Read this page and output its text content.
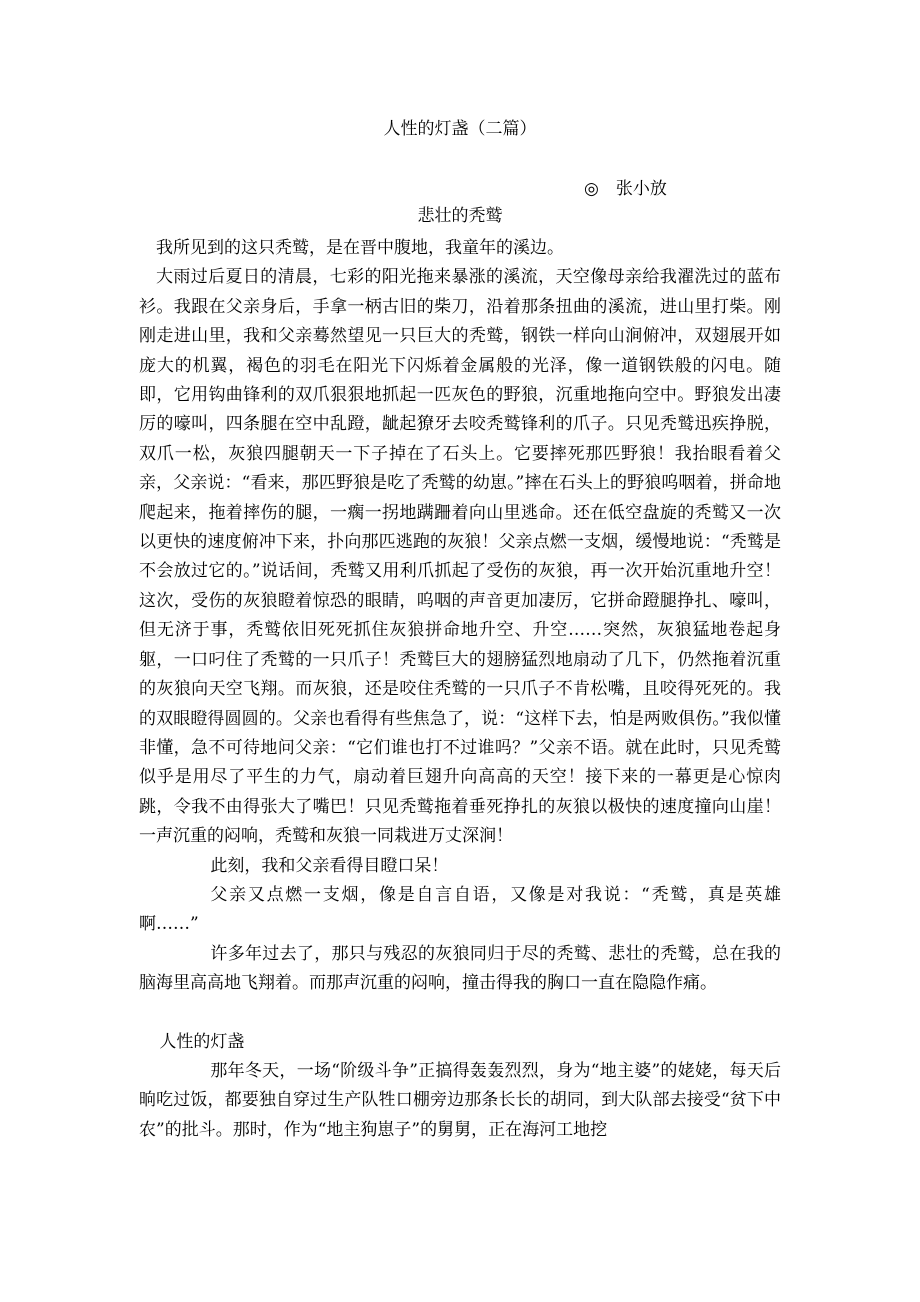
人性的灯盏（二篇）
◎　张小放
悲壮的秃鹫

我所见到的这只秃鹫，是在晋中腹地，我童年的溪边。

大雨过后夏日的清晨，七彩的阳光拖来暴涨的溪流，天空像母亲给我濯洗过的蓝布衫。我跟在父亲身后，手拿一柄古旧的柴刀，沿着那条扭曲的溪流，进山里打柴。刚刚走进山里，我和父亲蓦然望见一只巨大的秃鹫，钢铁一样向山涧俯冲，双翅展开如庞大的机翼，褐色的羽毛在阳光下闪烁着金属般的光泽，像一道钢铁般的闪电。随即，它用钩曲锋利的双爪狠狠地抓起一匹灰色的野狼，沉重地拖向空中。野狼发出凄厉的嚎叫，四条腿在空中乱蹬，龇起獠牙去咬秃鹫锋利的爪子。只见秃鹫迅疾挣脱，双爪一松，灰狼四腿朝天一下子掉在了石头上。它要摔死那匹野狼！我抬眼看着父亲，父亲说：“看来，那匹野狼是吃了秃鹫的幼崽。”摔在石头上的野狼呜咽着，拼命地爬起来，拖着摔伤的腿，一瘸一拐地蹒跚着向山里逃命。还在低空盘旋的秃鹫又一次以更快的速度俯冲下来，扑向那匹逃跑的灰狼！父亲点燃一支烟，缓慢地说：“秃鹫是不会放过它的。”说话间，秃鹫又用利爪抓起了受伤的灰狼，再一次开始沉重地升空！这次，受伤的灰狼瞪着惊恐的眼睛，呜咽的声音更加凄厉，它拼命蹬腿挣扎、嚎叫，但无济于事，秃鹫依旧死死抓住灰狼拼命地升空、升空……突然，灰狼猛地卷起身躯，一口叼住了秃鹫的一只爪子！秃鹫巨大的翅膀猛烈地扇动了几下，仍然拖着沉重的灰狼向天空飞翔。而灰狼，还是咬住秃鹫的一只爪子不肯松嘴，且咬得死死的。我的双眼瞪得圆圆的。父亲也看得有些焦急了，说：“这样下去，怕是两败俱伤。”我似懂非懂，急不可待地问父亲：“它们谁也打不过谁吗？”父亲不语。就在此时，只见秃鹫似乎是用尽了平生的力气，扇动着巨翅升向高高的天空！接下来的一幕更是心惊肉跳，令我不由得张大了嘴巴！只见秃鹫拖着垂死挣扎的灰狼以极快的速度撞向山崖！一声沉重的闷响，秃鹫和灰狼一同栽进万丈深涧！

此刻，我和父亲看得目瞪口呆！

父亲又点燃一支烟，像是自言自语，又像是对我说：“秃鹫，真是英雄啊……”

许多年过去了，那只与残忍的灰狼同归于尽的秃鹫、悲壮的秃鹫，总在我的脑海里高高地飞翔着。而那声沉重的闷响，撞击得我的胸口一直在隐隐作痛。

人性的灯盏

那年冬天，一场“阶级斗争”正搞得轰轰烈烈，身为“地主婆”的姥姥，每天后晌吃过饭，都要独自穿过生产队牲口棚旁边那条长长的胡同，到大队部去接受“贫下中农”的批斗。那时，作为“地主狗崽子”的舅舅，正在海河工地挖
